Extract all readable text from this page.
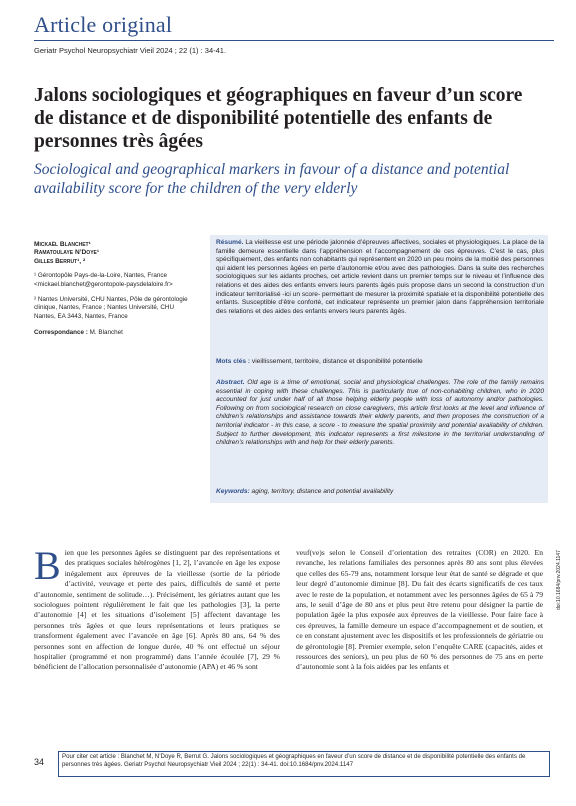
Article original
Geriatr Psychol Neuropsychiatr Vieil 2024 ; 22 (1) : 34-41.
Jalons sociologiques et géographiques en faveur d’un score de distance et de disponibilité potentielle des enfants de personnes très âgées
Sociological and geographical markers in favour of a distance and potential availability score for the children of the very elderly
Mickaël Blanchet¹
Ramatoulaye N’Doye¹
Gilles Berrut¹, ²

¹ Gérontopôle Pays-de-la-Loire, Nantes, France <mickael.blanchet@gerontopole-paysdelaloire.fr>

² Nantes Université, CHU Nantes, Pôle de gérontologie clinique, Nantes, France ; Nantes Université, CHU Nantes, EA 3443, Nantes, France

Correspondance : M. Blanchet
Résumé. La vieillesse est une période jalonnée d’épreuves affectives, sociales et physiologiques. La place de la famille demeure essentielle dans l’appréhension et l’accompagnement de ces épreuves. C’est le cas, plus spécifiquement, des enfants non cohabitants qui représentent en 2020 un peu moins de la moitié des personnes qui aident les personnes âgées en perte d’autonomie et/ou avec des pathologies. Dans la suite des recherches sociologiques sur les aidants proches, cet article revient dans un premier temps sur le niveau et l’influence des relations et des aides des enfants envers leurs parents âgés puis propose dans un second la construction d’un indicateur territorialisé -ici un score- permettant de mesurer la proximité spatiale et la disponibilité potentielle des enfants. Susceptible d’être conforté, cet indicateur représente un premier jalon dans l’appréhension territoriale des relations et des aides des enfants envers leurs parents âgés.
Mots clés : vieillissement, territoire, distance et disponibilité potentielle
Abstract. Old age is a time of emotional, social and physiological challenges. The role of the family remains essential in coping with these challenges. This is particularly true of non-cohabiting children, who in 2020 accounted for just under half of all those helping elderly people with loss of autonomy and/or pathologies. Following on from sociological research on close caregivers, this article first looks at the level and influence of children’s relationships and assistance towards their elderly parents, and then proposes the construction of a territorial indicator - in this case, a score - to measure the spatial proximity and potential availability of children. Subject to further development, this indicator represents a first milestone in the territorial understanding of children’s relationships with and help for their elderly parents.
Keywords: aging, territory, distance and potential availability
Bien que les personnes âgées se distinguent par des représentations et des pratiques sociales hétérogènes [1, 2], l’avancée en âge les expose inégalement aux épreuves de la vieillesse (sortie de la période d’activité, veuvage et perte des pairs, difficultés de santé et perte d’autonomie, sentiment de solitude…). Précisément, les gériatres autant que les sociologues pointent régulièrement le fait que les pathologies [3], la perte d’autonomie [4] et les situations d’isolement [5] affectent davantage les personnes très âgées et que leurs représentations et leurs pratiques se transforment également avec l’avancée en âge [6]. Après 80 ans, 64 % des personnes sont en affection de longue durée, 40 % ont effectué un séjour hospitalier (programmé et non programmé) dans l’année écoulée [7], 29 % bénéficient de l’allocation personnalisée d’autonomie (APA) et 46 % sont
veuf(ve)s selon le Conseil d’orientation des retraites (COR) en 2020. En revanche, les relations familiales des personnes après 80 ans sont plus élevées que celles des 65-79 ans, notamment lorsque leur état de santé se dégrade et que leur degré d’autonomie diminue [8]. Du fait des écarts significatifs de ces taux avec le reste de la population, et notamment avec les personnes âgées de 65 à 79 ans, le seuil d’âge de 80 ans et plus peut être retenu pour désigner la partie de population âgée la plus exposée aux épreuves de la vieillesse. Pour faire face à ces épreuves, la famille demeure un espace d’accompagnement et de soutien, et ce en constant ajustement avec les dispositifs et les professionnels de gériatrie ou de gérontologie [8]. Premier exemple, selon l’enquête CARE (capacités, aides et ressources des seniors), un peu plus de 60 % des personnes de 75 ans en perte d’autonomie sont à la fois aidées par les enfants et
doi:10.1684/pnv.2024.1147
34
Pour citer cet article : Blanchet M, N’Doye R, Berrut G. Jalons sociologiques et géographiques en faveur d’un score de distance et de disponibilité potentielle des enfants de personnes très âgées. Geriatr Psychol Neuropsychiatr Vieil 2024 ; 22(1) : 34-41. doi:10.1684/pnv.2024.1147
